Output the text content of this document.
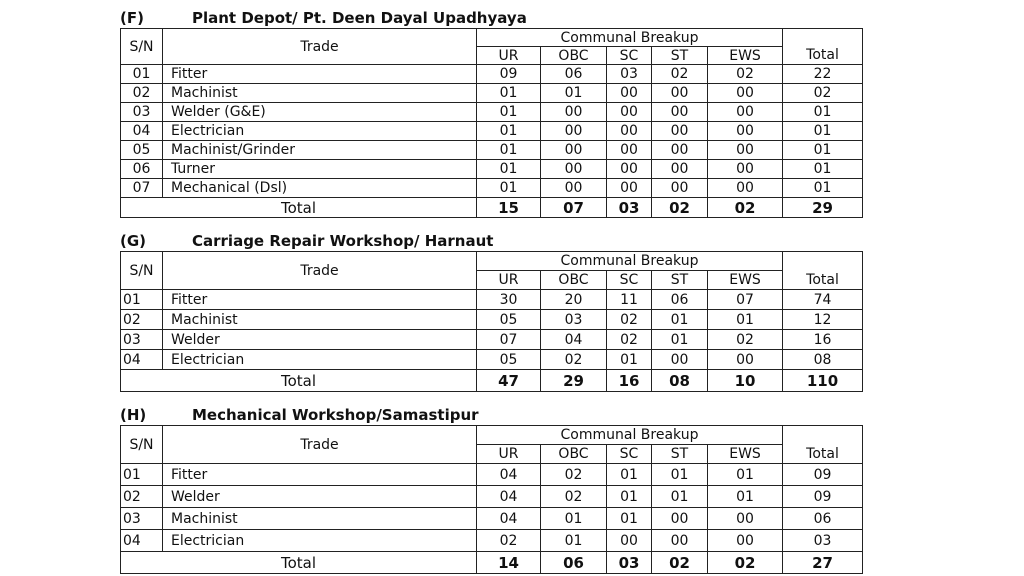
(F)	Plant Depot/ Pt. Deen Dayal Upadhyaya
S/N	Trade	Communal Breakup					
		UR	OBC	SC	ST	EWS	Total
01	Fitter	09	06	03	02	02	22
02	Machinist	01	01	00	00	00	02
03	Welder (G&E)	01	00	00	00	00	01
04	Electrician	01	00	00	00	00	01
05	Machinist/Grinder	01	00	00	00	00	01
06	Turner	01	00	00	00	00	01
07	Mechanical (Dsl)	01	00	00	00	00	01
Total		15	07	03	02	02	29
(G)	Carriage Repair Workshop/ Harnaut
S/N	Trade	Communal Breakup					
		UR	OBC	SC	ST	EWS	Total
01	Fitter	30	20	11	06	07	74
02	Machinist	05	03	02	01	01	12
03	Welder	07	04	02	01	02	16
04	Electrician	05	02	01	00	00	08
Total		47	29	16	08	10	110
(H)	Mechanical Workshop/Samastipur
S/N	Trade	Communal Breakup					
		UR	OBC	SC	ST	EWS	Total
01	Fitter	04	02	01	01	01	09
02	Welder	04	02	01	01	01	09
03	Machinist	04	01	01	00	00	06
04	Electrician	02	01	00	00	00	03
Total		14	06	03	02	02	27
